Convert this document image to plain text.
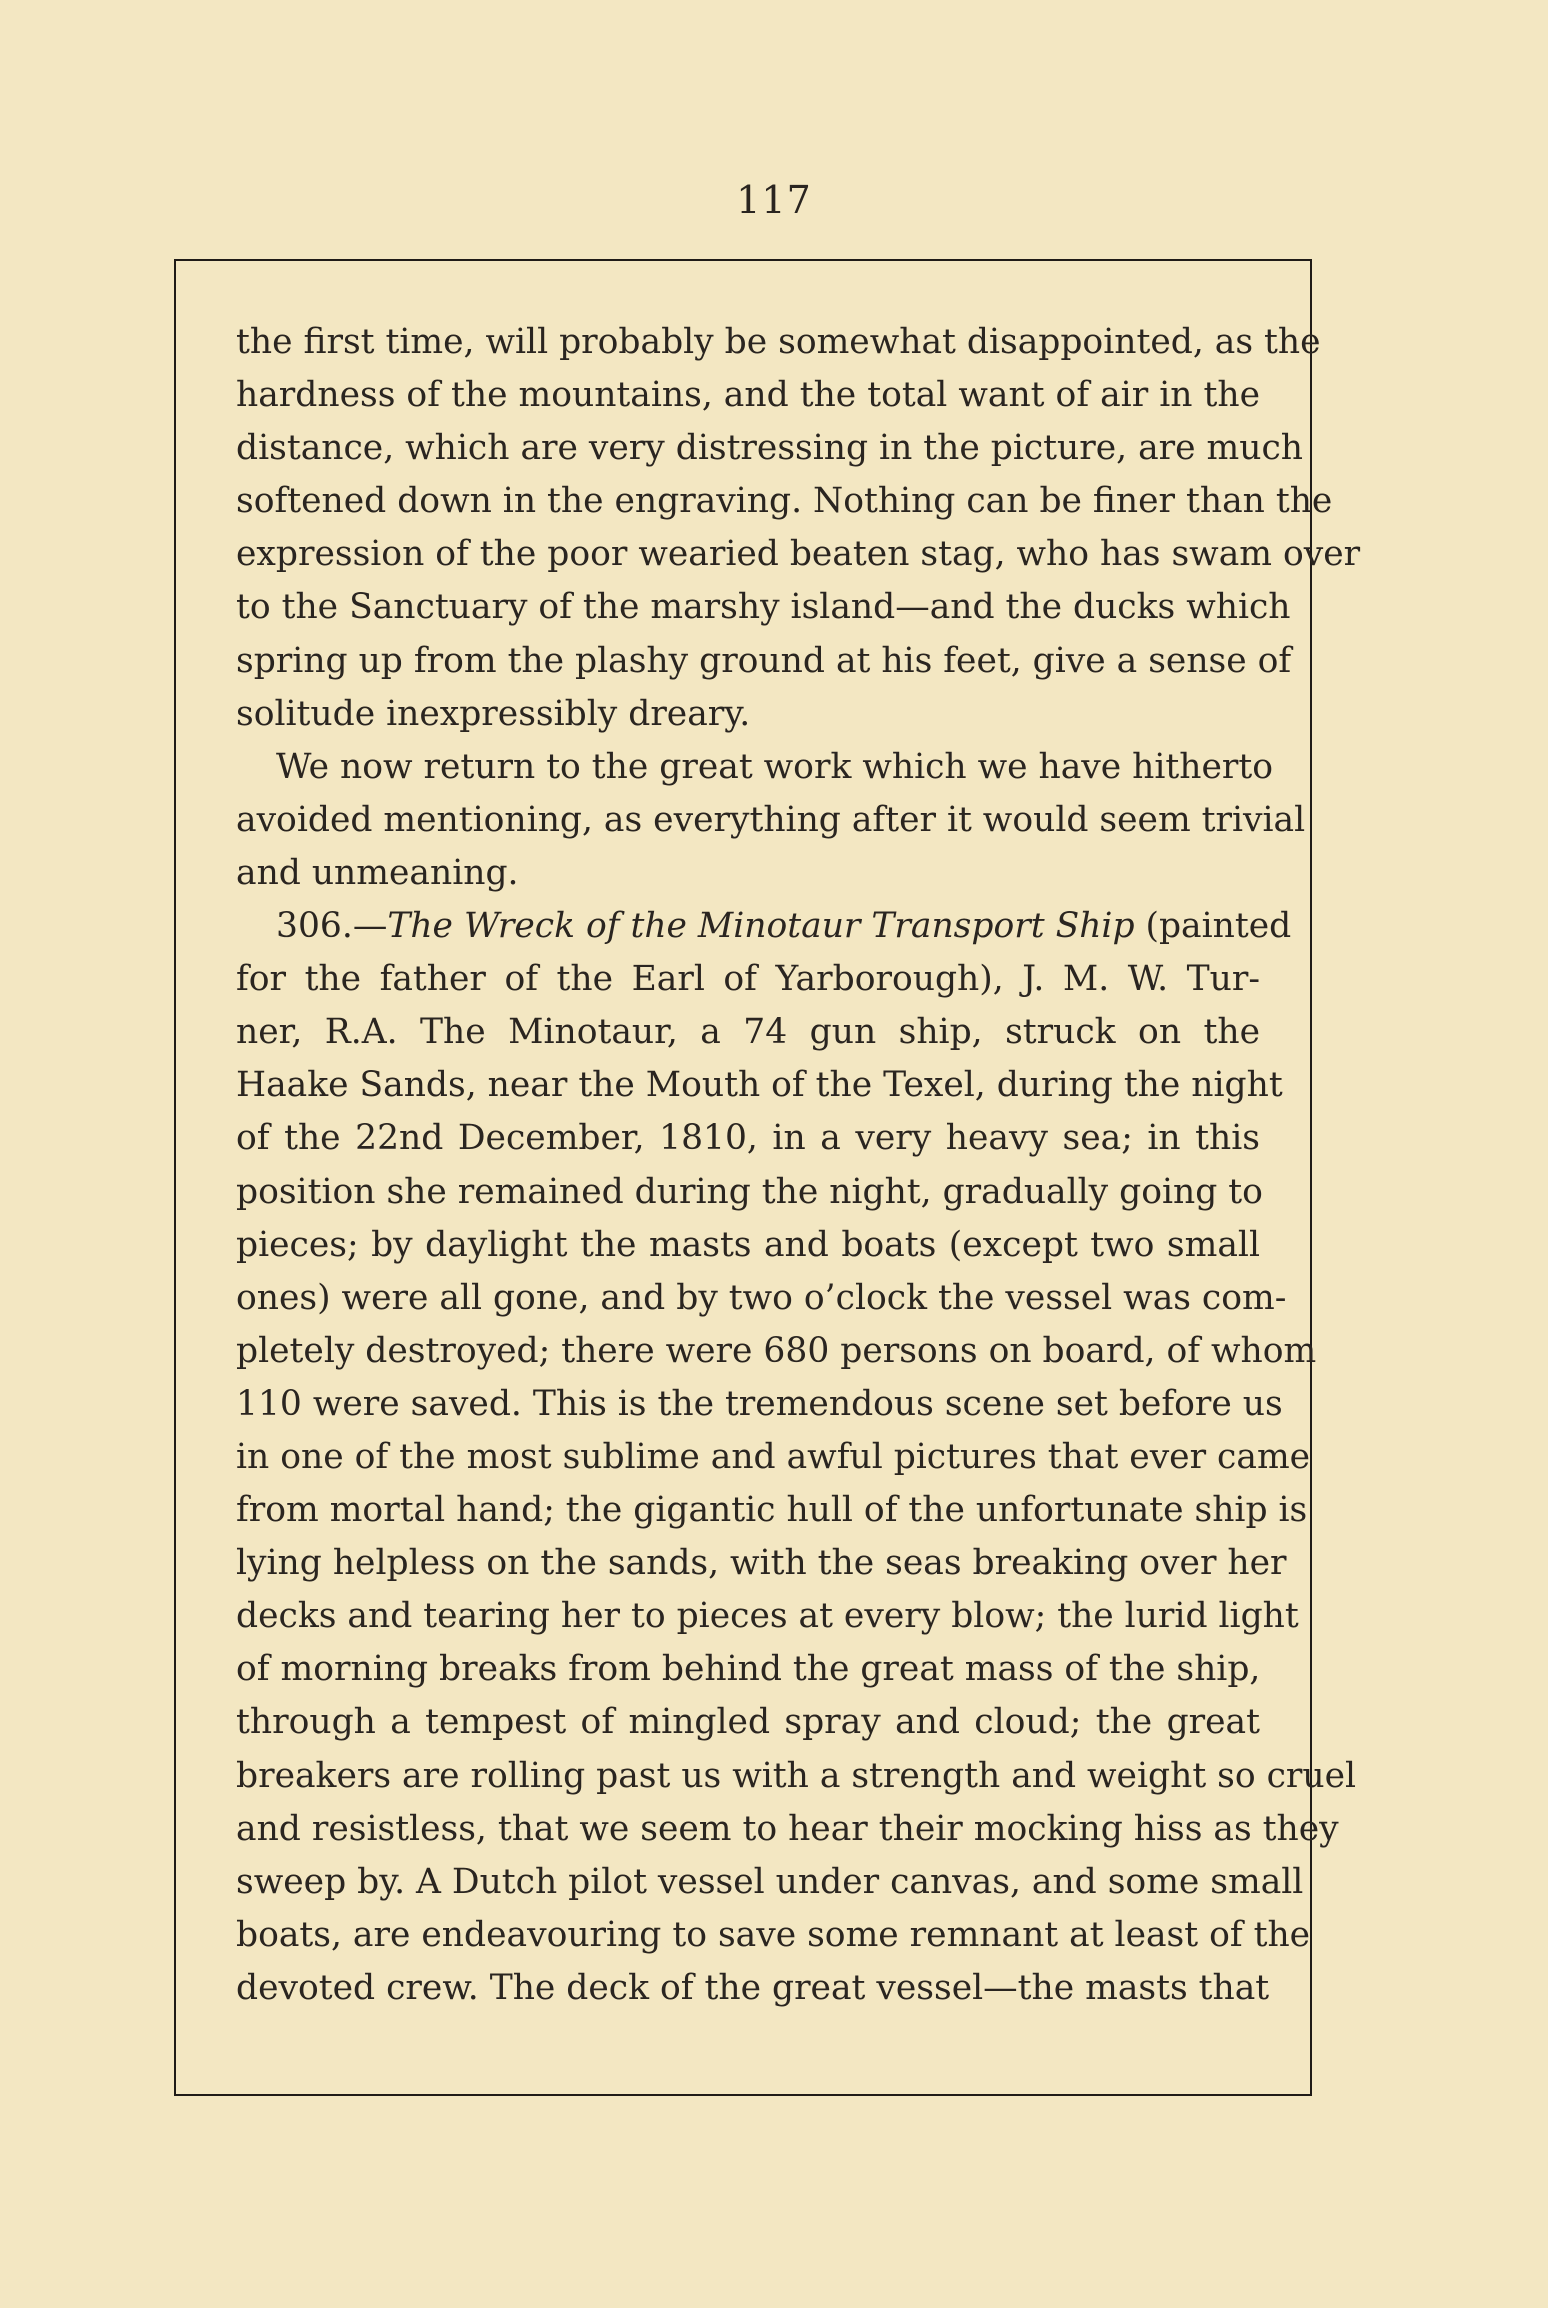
117
the first time, will probably be somewhat disappointed, as the
hardness of the mountains, and the total want of air in the
distance, which are very distressing in the picture, are much
softened down in the engraving. Nothing can be finer than the
expression of the poor wearied beaten stag, who has swam over
to the Sanctuary of the marshy island—and the ducks which
spring up from the plashy ground at his feet, give a sense of
solitude inexpressibly dreary.
We now return to the great work which we have hitherto
avoided mentioning, as everything after it would seem trivial
and unmeaning.
306.—The Wreck of the Minotaur Transport Ship (painted
for the father of the Earl of Yarborough), J. M. W. Tur-
ner, R.A. The Minotaur, a 74 gun ship, struck on the
Haake Sands, near the Mouth of the Texel, during the night
of the 22nd December, 1810, in a very heavy sea; in this
position she remained during the night, gradually going to
pieces; by daylight the masts and boats (except two small
ones) were all gone, and by two o’clock the vessel was com-
pletely destroyed; there were 680 persons on board, of whom
110 were saved. This is the tremendous scene set before us
in one of the most sublime and awful pictures that ever came
from mortal hand; the gigantic hull of the unfortunate ship is
lying helpless on the sands, with the seas breaking over her
decks and tearing her to pieces at every blow; the lurid light
of morning breaks from behind the great mass of the ship,
through a tempest of mingled spray and cloud; the great
breakers are rolling past us with a strength and weight so cruel
and resistless, that we seem to hear their mocking hiss as they
sweep by. A Dutch pilot vessel under canvas, and some small
boats, are endeavouring to save some remnant at least of the
devoted crew. The deck of the great vessel—the masts that
